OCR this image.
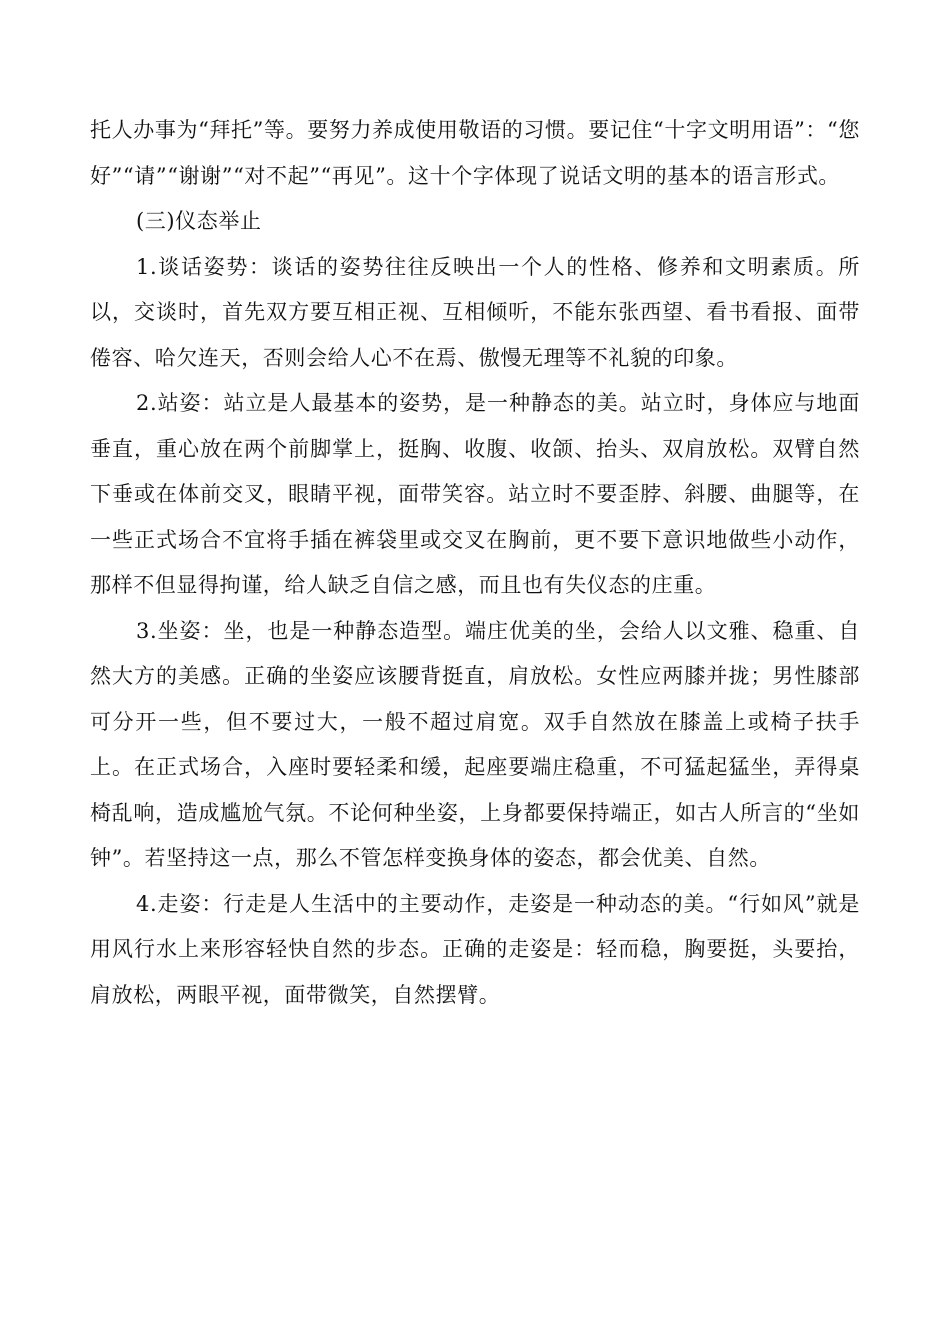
托人办事为“拜托”等。要努力养成使用敬语的习惯。要记住“十字文明用语”：“您好”“请”“谢谢”“对不起”“再见”。这十个字体现了说话文明的基本的语言形式。

(三)仪态举止

1.谈话姿势：谈话的姿势往往反映出一个人的性格、修养和文明素质。所以，交谈时，首先双方要互相正视、互相倾听，不能东张西望、看书看报、面带倦容、哈欠连天，否则会给人心不在焉、傲慢无理等不礼貌的印象。

2.站姿：站立是人最基本的姿势，是一种静态的美。站立时，身体应与地面垂直，重心放在两个前脚掌上，挺胸、收腹、收颌、抬头、双肩放松。双臂自然下垂或在体前交叉，眼睛平视，面带笑容。站立时不要歪脖、斜腰、曲腿等，在一些正式场合不宜将手插在裤袋里或交叉在胸前，更不要下意识地做些小动作，那样不但显得拘谨，给人缺乏自信之感，而且也有失仪态的庄重。

3.坐姿：坐，也是一种静态造型。端庄优美的坐，会给人以文雅、稳重、自然大方的美感。正确的坐姿应该腰背挺直，肩放松。女性应两膝并拢；男性膝部可分开一些，但不要过大，一般不超过肩宽。双手自然放在膝盖上或椅子扶手上。在正式场合，入座时要轻柔和缓，起座要端庄稳重，不可猛起猛坐，弄得桌椅乱响，造成尴尬气氛。不论何种坐姿，上身都要保持端正，如古人所言的“坐如钟”。若坚持这一点，那么不管怎样变换身体的姿态，都会优美、自然。

4.走姿：行走是人生活中的主要动作，走姿是一种动态的美。“行如风”就是用风行水上来形容轻快自然的步态。正确的走姿是：轻而稳，胸要挺，头要抬，肩放松，两眼平视，面带微笑，自然摆臂。
